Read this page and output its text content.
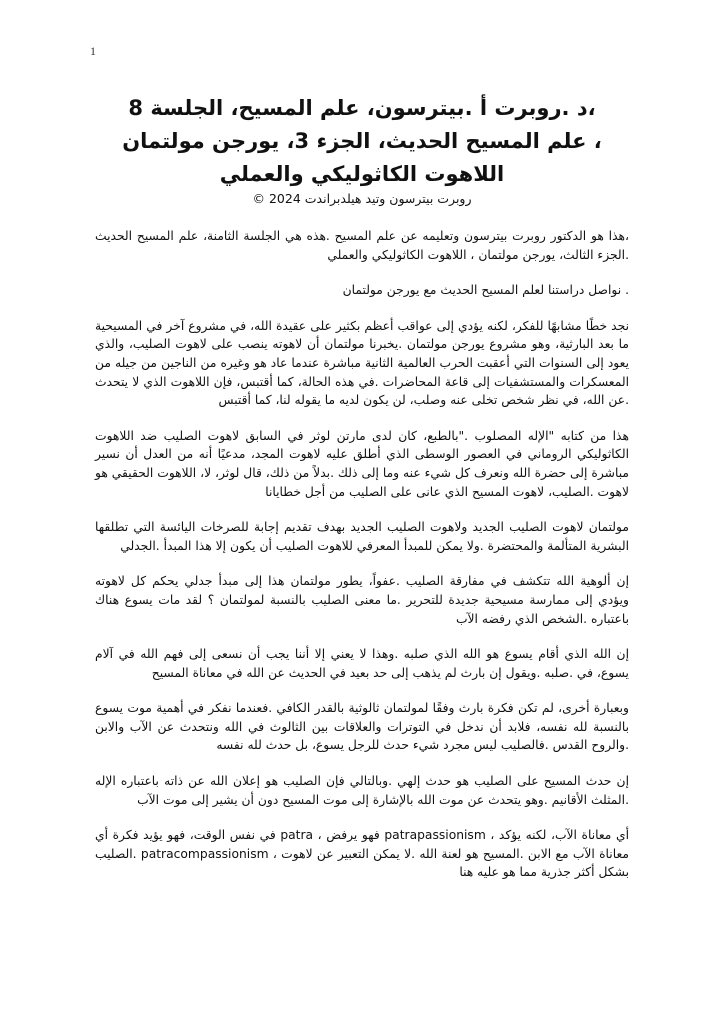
1
،د .روبرت أ .بيترسون، علم المسيح، الجلسة 8
، علم المسيح الحديث، الجزء 3، يورجن مولتمان
اللاهوت الكاثوليكي والعملي

روبرت بيترسون وتيد هيلدبراندت 2024 ©

،هذا هو الدكتور روبرت بيترسون وتعليمه عن علم المسيح .هذه هي الجلسة الثامنة، علم المسيح الحديث .الجزء الثالث، يورجن مولتمان ، اللاهوت الكاثوليكي والعملي

. نواصل دراستنا لعلم المسيح الحديث مع يورجن مولتمان

نجد خطًا مشابهًا للفكر، لكنه يؤدي إلى عواقب أعظم بكثير على عقيدة الله، في مشروع آخر في المسيحية ما بعد البارثية، وهو مشروع يورجن مولتمان .يخبرنا مولتمان أن لاهوته ينصب على لاهوت الصليب، والذي يعود إلى السنوات التي أعقبت الحرب العالمية الثانية مباشرة عندما عاد هو وغيره من الناجين من جيله من المعسكرات والمستشفيات إلى قاعة المحاضرات .في هذه الحالة، كما أقتبس، فإن اللاهوت الذي لا يتحدث .عن الله، في نظر شخص تخلى عنه وصلب، لن يكون لديه ما يقوله لنا، كما أقتبس

هذا من كتابه "الإله المصلوب ."بالطبع، كان لدى مارتن لوثر في السابق لاهوت الصليب ضد اللاهوت الكاثوليكي الروماني في العصور الوسطى الذي أطلق عليه لاهوت المجد، مدعيًا أنه من العدل أن نسير مباشرة إلى حضرة الله ونعرف كل شيء عنه وما إلى ذلك .بدلاً من ذلك، قال لوثر، لا، اللاهوت الحقيقي هو لاهوت .الصليب، لاهوت المسيح الذي عانى على الصليب من أجل خطايانا

مولتمان لاهوت الصليب الجديد ولاهوت الصليب الجديد بهدف تقديم إجابة للصرخات اليائسة التي تطلقها البشرية المتألمة والمحتضرة .ولا يمكن للمبدأ المعرفي للاهوت الصليب أن يكون إلا هذا المبدأ .الجدلي

إن ألوهية الله تتكشف في مفارقة الصليب .عفواً، يطور مولتمان هذا إلى مبدأ جدلي يحكم كل لاهوته ويؤدي إلى ممارسة مسيحية جديدة للتحرير .ما معنى الصليب بالنسبة لمولتمان ؟ لقد مات يسوع هناك باعتباره .الشخص الذي رفضه الآب

إن الله الذي أقام يسوع هو الله الذي صلبه .وهذا لا يعني إلا أننا يجب أن نسعى إلى فهم الله في آلام يسوع، في .صلبه .ويقول إن بارث لم يذهب إلى حد بعيد في الحديث عن الله في معاناة المسيح

وبعبارة أخرى، لم تكن فكرة بارث وفقًا لمولتمان ثالوثية بالقدر الكافي .فعندما نفكر في أهمية موت يسوع بالنسبة لله نفسه، فلابد أن ندخل في التوترات والعلاقات بين الثالوث في الله ونتحدث عن الآب والابن .والروح القدس .فالصليب ليس مجرد شيء حدث للرجل يسوع، بل حدث لله نفسه

إن حدث المسيح على الصليب هو حدث إلهي .وبالتالي فإن الصليب هو إعلان الله عن ذاته باعتباره الإله .المثلث الأقانيم .وهو يتحدث عن موت الله بالإشارة إلى موت المسيح دون أن يشير إلى موت الآب

أي معاناة الآب، لكنه يؤكد ، patrapassionism فهو يرفض ، patra في نفس الوقت، فهو يؤيد فكرة أي معاناة الآب مع الابن .المسيح هو لعنة الله .لا يمكن التعبير عن لاهوت ، patracompassionism .الصليب بشكل أكثر جذرية مما هو عليه هنا
